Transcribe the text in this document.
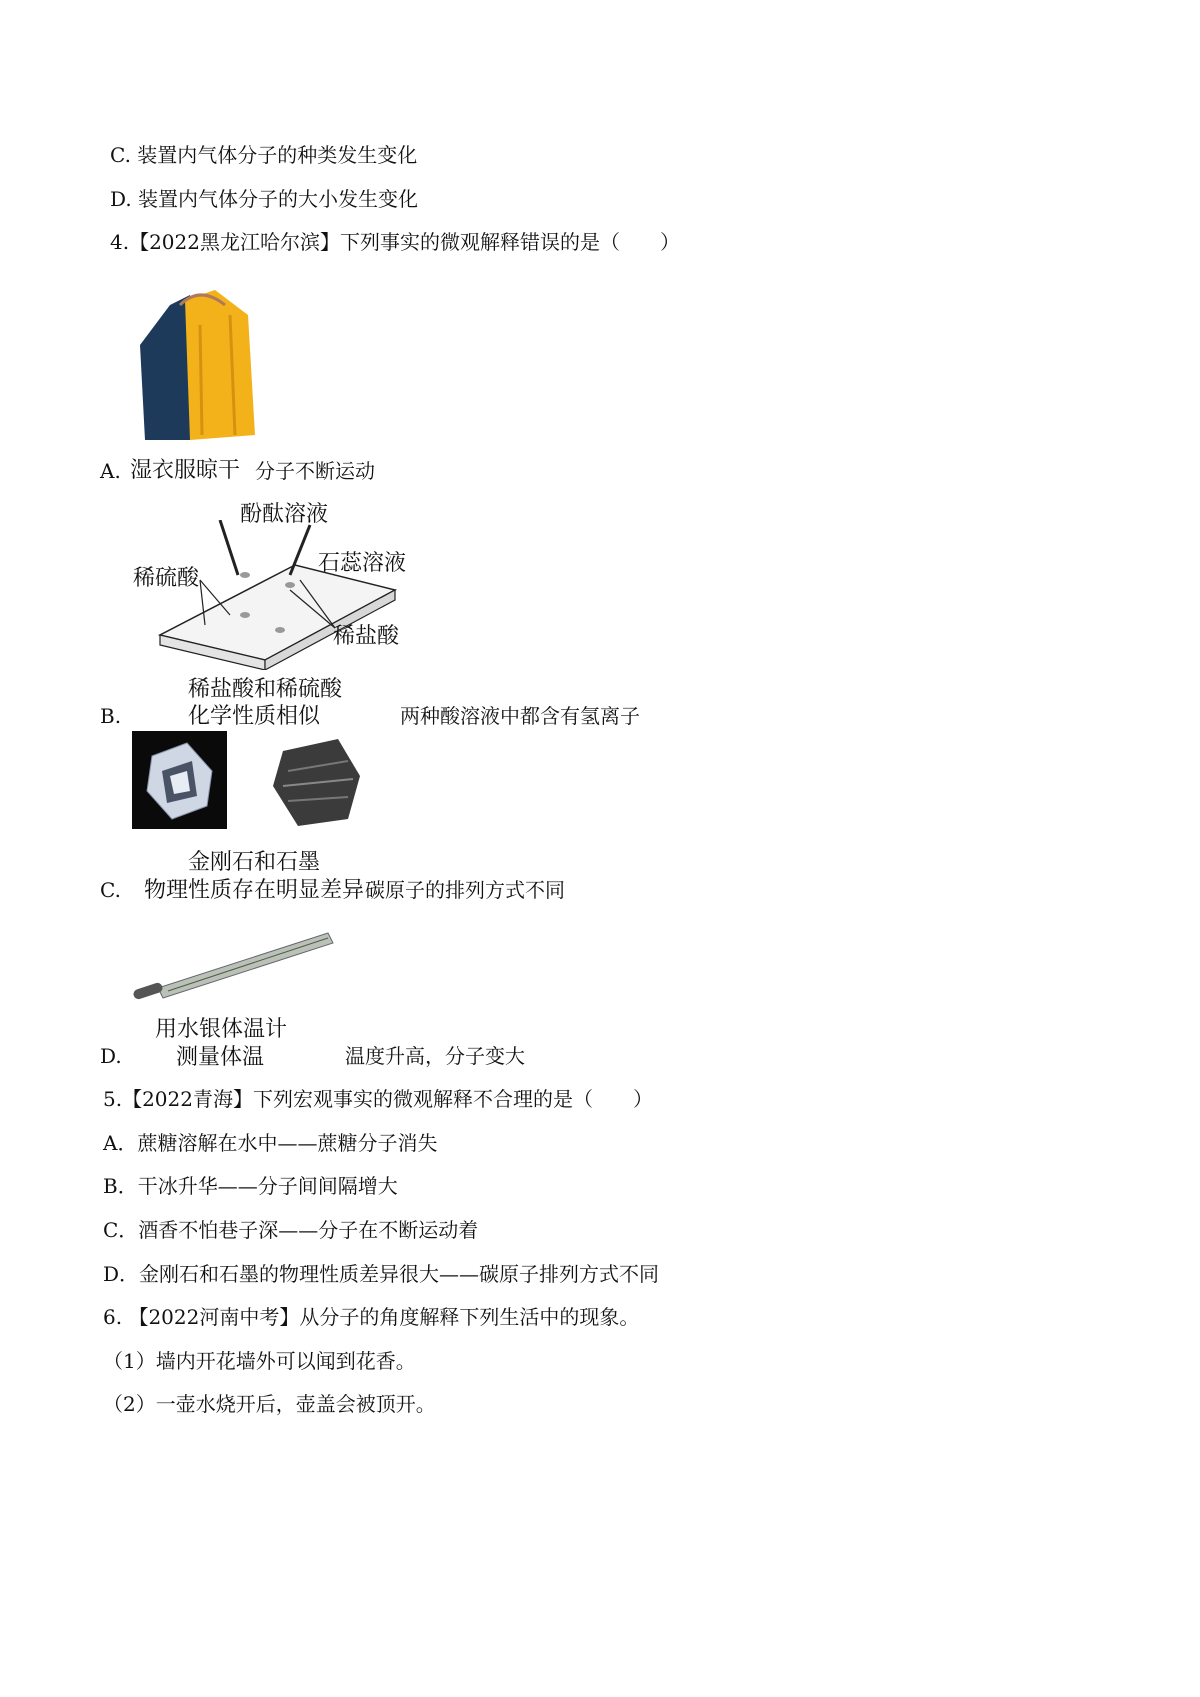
C. 装置内气体分子的种类发生变化
D. 装置内气体分子的大小发生变化
4.【2022黑龙江哈尔滨】下列事实的微观解释错误的是（　　）
A. 湿衣服晾干 分子不断运动
酚酞溶液
石蕊溶液
稀硫酸
稀盐酸
稀盐酸和稀硫酸
化学性质相似
B.	两种酸溶液中都含有氢离子
金刚石和石墨
物理性质存在明显差异
C.	碳原子的排列方式不同
用水银体温计
测量体温
D.	温度升高，分子变大
5.【2022青海】下列宏观事实的微观解释不合理的是（　　）
A．蔗糖溶解在水中——蔗糖分子消失
B．干冰升华——分子间间隔增大
C．酒香不怕巷子深——分子在不断运动着
D．金刚石和石墨的物理性质差异很大——碳原子排列方式不同
6. 【2022河南中考】从分子的角度解释下列生活中的现象。
（1）墙内开花墙外可以闻到花香。
（2）一壶水烧开后，壶盖会被顶开。
